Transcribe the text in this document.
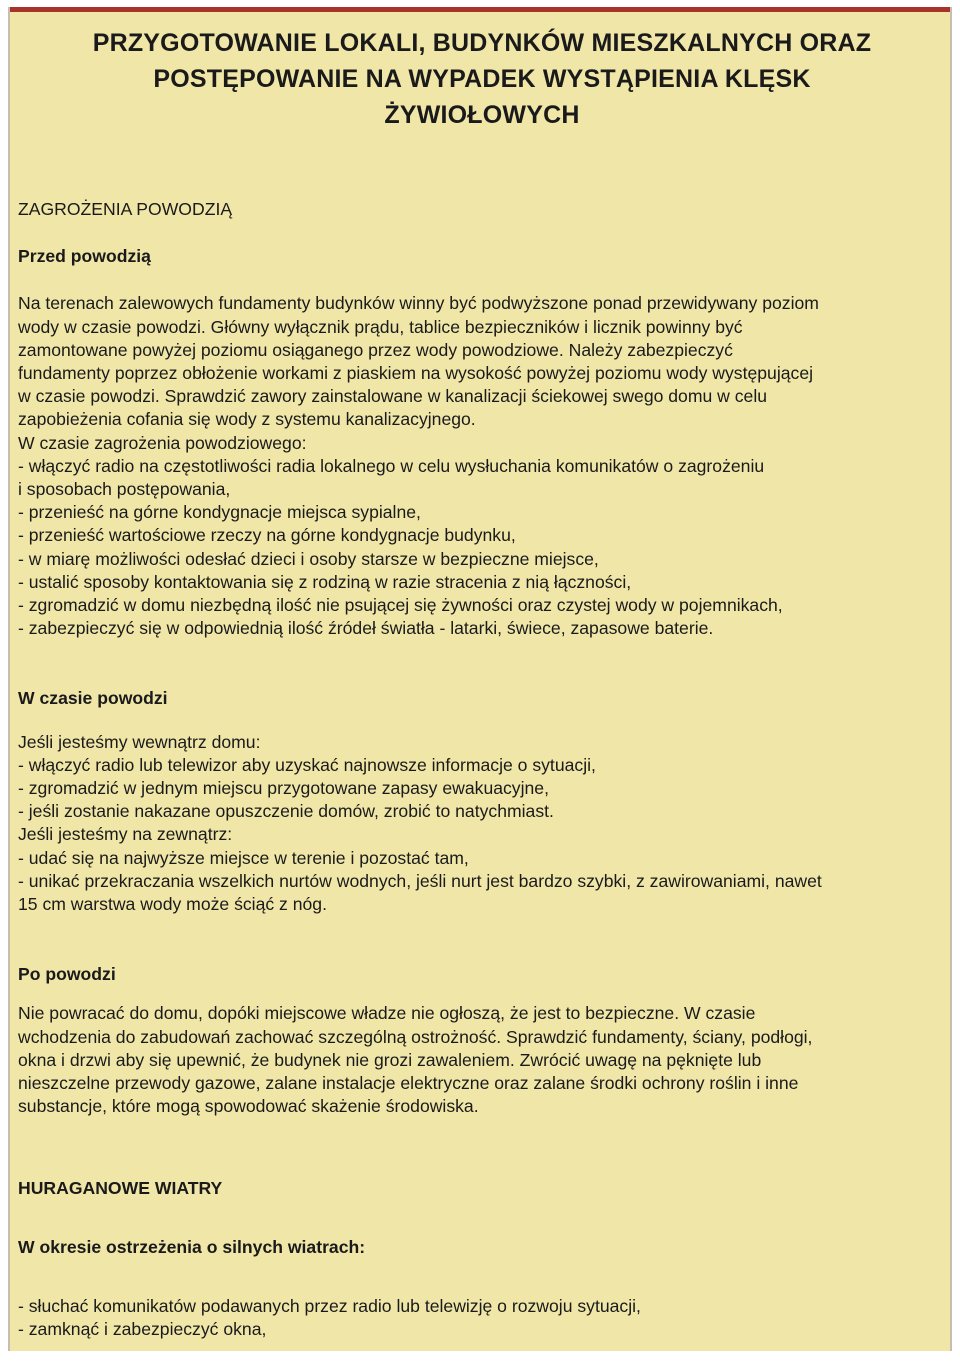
PRZYGOTOWANIE LOKALI, BUDYNKÓW MIESZKALNYCH ORAZ
POSTĘPOWANIE NA WYPADEK WYSTĄPIENIA KLĘSK
ŻYWIOŁOWYCH
ZAGROŻENIA POWODZIĄ
Przed powodzią
Na terenach zalewowych fundamenty budynków winny być podwyższone ponad przewidywany poziom
wody w czasie powodzi. Główny wyłącznik prądu, tablice bezpieczników i licznik powinny być
zamontowane powyżej poziomu osiąganego przez wody powodziowe. Należy zabezpieczyć
fundamenty poprzez obłożenie workami z piaskiem na wysokość powyżej poziomu wody występującej
w czasie powodzi. Sprawdzić zawory zainstalowane w kanalizacji ściekowej swego domu w celu
zapobieżenia cofania się wody z systemu kanalizacyjnego.
W czasie zagrożenia powodziowego:
- włączyć radio na częstotliwości radia lokalnego w celu wysłuchania komunikatów o zagrożeniu
i sposobach postępowania,
- przenieść na górne kondygnacje miejsca sypialne,
- przenieść wartościowe rzeczy na górne kondygnacje budynku,
- w miarę możliwości odesłać dzieci i osoby starsze w bezpieczne miejsce,
- ustalić sposoby kontaktowania się z rodziną w razie stracenia z nią łączności,
- zgromadzić w domu niezbędną ilość nie psującej się żywności oraz czystej wody w pojemnikach,
- zabezpieczyć się w odpowiednią ilość źródeł światła - latarki, świece, zapasowe baterie.
W czasie powodzi
Jeśli jesteśmy wewnątrz domu:
- włączyć radio lub telewizor aby uzyskać najnowsze informacje o sytuacji,
- zgromadzić w jednym miejscu przygotowane zapasy ewakuacyjne,
- jeśli zostanie nakazane opuszczenie domów, zrobić to natychmiast.
Jeśli jesteśmy na zewnątrz:
- udać się na najwyższe miejsce w terenie i pozostać tam,
- unikać przekraczania wszelkich nurtów wodnych, jeśli nurt jest bardzo szybki, z zawirowaniami, nawet
15 cm warstwa wody może ściąć z nóg.
Po powodzi
Nie powracać do domu, dopóki miejscowe władze nie ogłoszą, że jest to bezpieczne. W czasie
wchodzenia do zabudowań zachować szczególną ostrożność. Sprawdzić fundamenty, ściany, podłogi,
okna i drzwi aby się upewnić, że budynek nie grozi zawaleniem. Zwrócić uwagę na pęknięte lub
nieszczelne przewody gazowe, zalane instalacje elektryczne oraz zalane środki ochrony roślin i inne
substancje, które mogą spowodować skażenie środowiska.
HURAGANOWE WIATRY
W okresie ostrzeżenia o silnych wiatrach:
- słuchać komunikatów podawanych przez radio lub telewizję o rozwoju sytuacji,
- zamknąć i zabezpieczyć okna,
